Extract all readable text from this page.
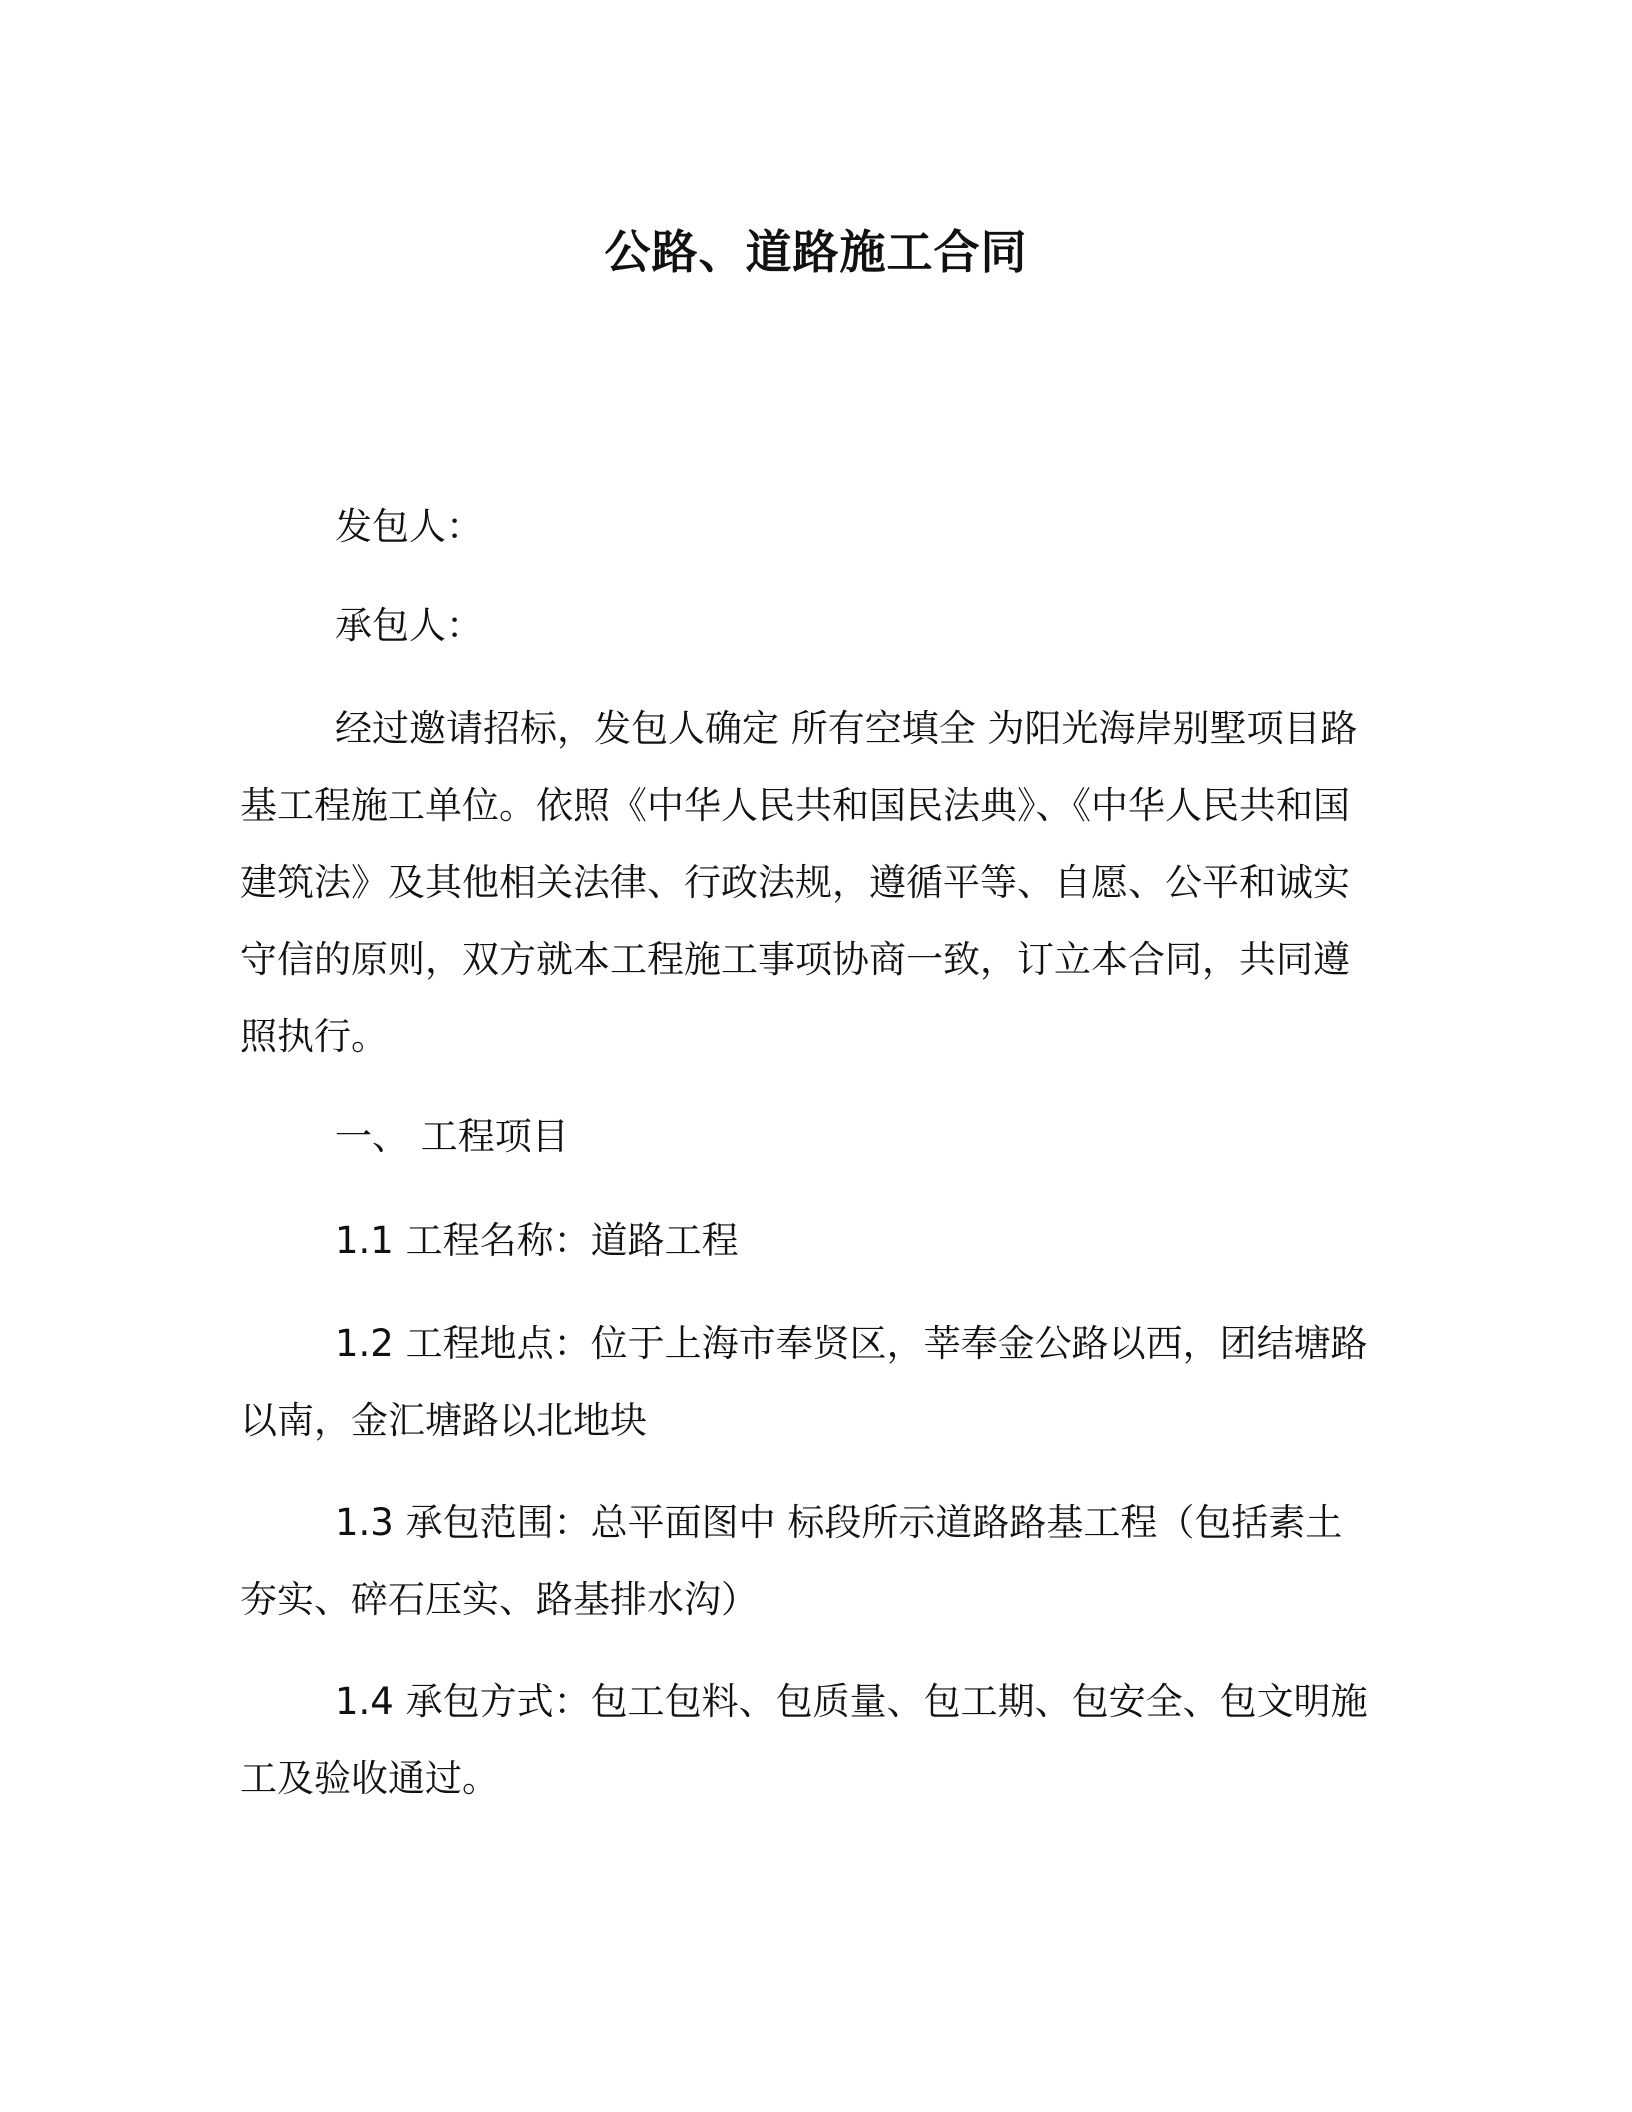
公路、道路施工合同

发包人：

承包人：

经过邀请招标，发包人确定 所有空填全 为阳光海岸别墅项目路基工程施工单位。依照《中华人民共和国民法典》、《中华人民共和国建筑法》及其他相关法律、行政法规，遵循平等、自愿、公平和诚实守信的原则，双方就本工程施工事项协商一致，订立本合同，共同遵照执行。

一、 工程项目

1.1 工程名称：道路工程

1.2 工程地点：位于上海市奉贤区，莘奉金公路以西，团结塘路以南，金汇塘路以北地块

1.3 承包范围：总平面图中 标段所示道路路基工程（包括素土夯实、碎石压实、路基排水沟）

1.4 承包方式：包工包料、包质量、包工期、包安全、包文明施工及验收通过。
